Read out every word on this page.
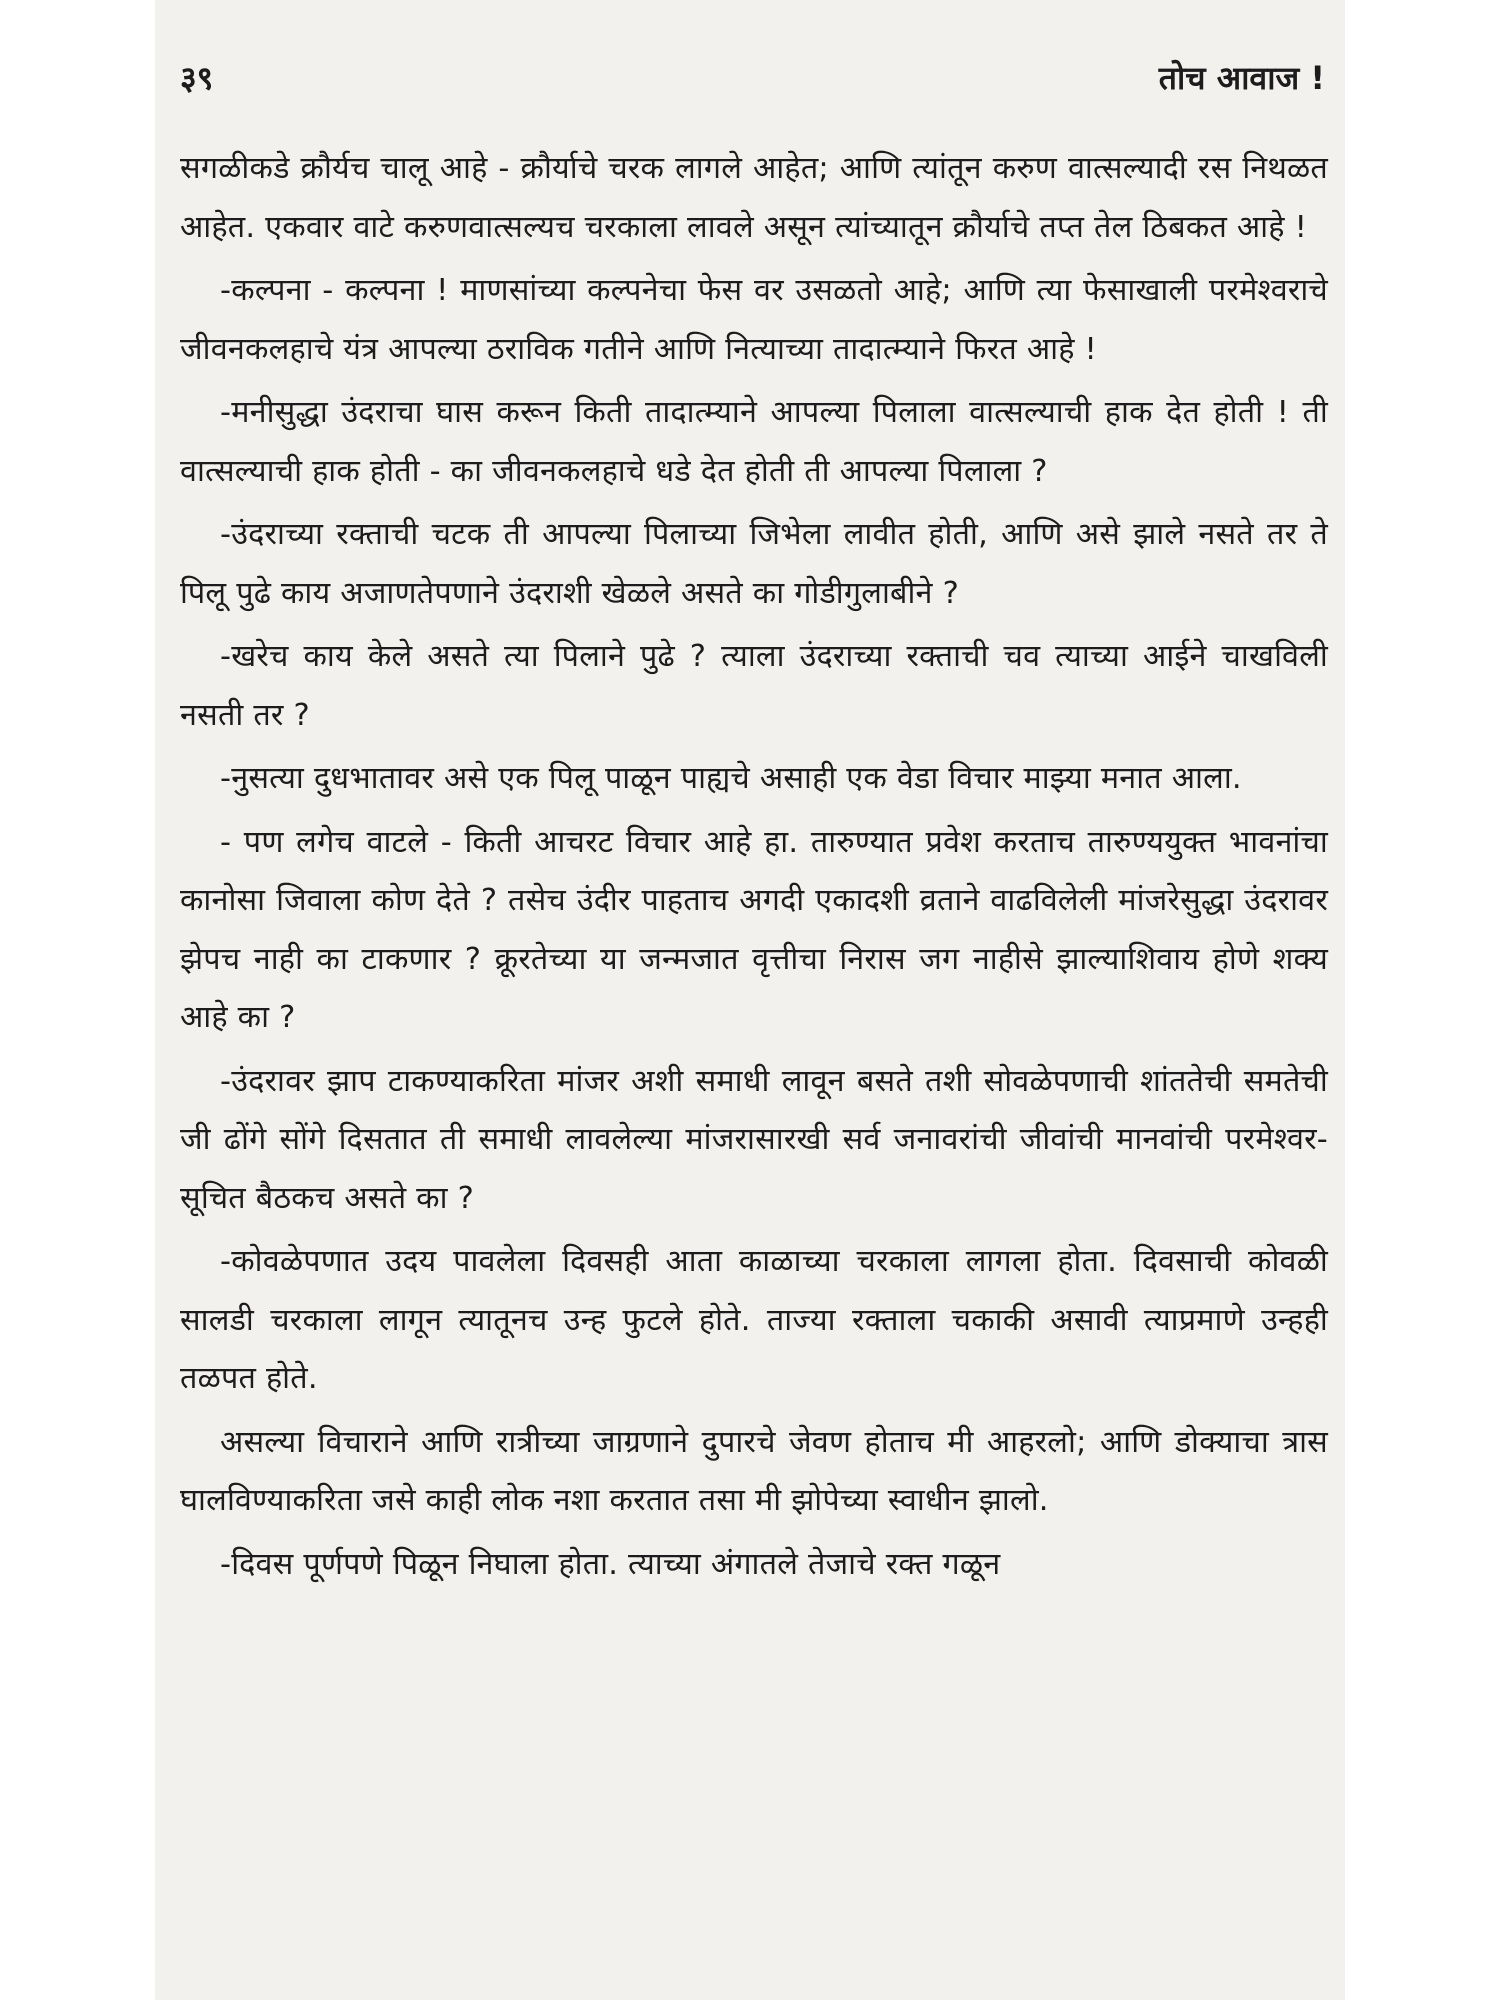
३९	तोच आवाज !

सगळीकडे क्रौर्यच चालू आहे - क्रौर्याचे चरक लागले आहेत; आणि त्यांतून करुण वात्सल्यादी रस निथळत आहेत. एकवार वाटे करुणवात्सल्यच चरकाला लावले असून त्यांच्यातून क्रौर्याचे तप्त तेल ठिबकत आहे !

-कल्पना - कल्पना ! माणसांच्या कल्पनेचा फेस वर उसळतो आहे; आणि त्या फेसाखाली परमेश्वराचे जीवनकलहाचे यंत्र आपल्या ठराविक गतीने आणि नित्याच्या तादात्म्याने फिरत आहे !

-मनीसुद्धा उंदराचा घास करून किती तादात्म्याने आपल्या पिलाला वात्सल्याची हाक देत होती ! ती वात्सल्याची हाक होती - का जीवनकलहाचे धडे देत होती ती आपल्या पिलाला ?

-उंदराच्या रक्ताची चटक ती आपल्या पिलाच्या जिभेला लावीत होती, आणि असे झाले नसते तर ते पिलू पुढे काय अजाणतेपणाने उंदराशी खेळले असते का गोडीगुलाबीने ?

-खरेच काय केले असते त्या पिलाने पुढे ? त्याला उंदराच्या रक्ताची चव त्याच्या आईने चाखविली नसती तर ?

-नुसत्या दुधभातावर असे एक पिलू पाळून पाह्यचे असाही एक वेडा विचार माझ्या मनात आला.

- पण लगेच वाटले - किती आचरट विचार आहे हा. तारुण्यात प्रवेश करताच तारुण्ययुक्त भावनांचा कानोसा जिवाला कोण देते ? तसेच उंदीर पाहताच अगदी एकादशी व्रताने वाढविलेली मांजरेसुद्धा उंदरावर झेपच नाही का टाकणार ? क्रूरतेच्या या जन्मजात वृत्तीचा निरास जग नाहीसे झाल्याशिवाय होणे शक्य आहे का ?

-उंदरावर झाप टाकण्याकरिता मांजर अशी समाधी लावून बसते तशी सोवळेपणाची शांततेची समतेची जी ढोंगे सोंगे दिसतात ती समाधी लावलेल्या मांजरासारखी सर्व जनावरांची जीवांची मानवांची परमेश्वर-सूचित बैठकच असते का ?

-कोवळेपणात उदय पावलेला दिवसही आता काळाच्या चरकाला लागला होता. दिवसाची कोवळी सालडी चरकाला लागून त्यातूनच उन्ह फुटले होते. ताज्या रक्ताला चकाकी असावी त्याप्रमाणे उन्हही तळपत होते.

असल्या विचाराने आणि रात्रीच्या जाग्रणाने दुपारचे जेवण होताच मी आहरलो; आणि डोक्याचा त्रास घालविण्याकरिता जसे काही लोक नशा करतात तसा मी झोपेच्या स्वाधीन झालो.

-दिवस पूर्णपणे पिळून निघाला होता. त्याच्या अंगातले तेजाचे रक्त गळून
